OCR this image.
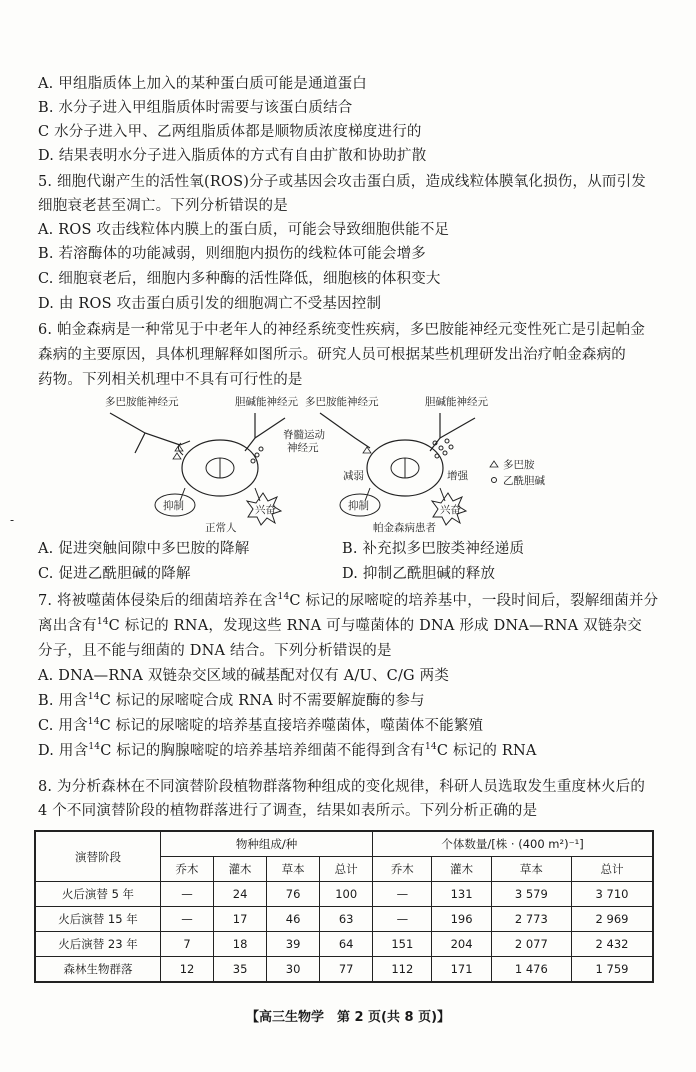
A. 甲组脂质体上加入的某种蛋白质可能是通道蛋白
B. 水分子进入甲组脂质体时需要与该蛋白质结合
C 水分子进入甲、乙两组脂质体都是顺物质浓度梯度进行的
D. 结果表明水分子进入脂质体的方式有自由扩散和协助扩散
5. 细胞代谢产生的活性氧(ROS)分子或基因会攻击蛋白质，造成线粒体膜氧化损伤，从而引发
细胞衰老甚至凋亡。下列分析错误的是
A. ROS 攻击线粒体内膜上的蛋白质，可能会导致细胞供能不足
B. 若溶酶体的功能减弱，则细胞内损伤的线粒体可能会增多
C. 细胞衰老后，细胞内多种酶的活性降低，细胞核的体积变大
D. 由 ROS 攻击蛋白质引发的细胞凋亡不受基因控制
6. 帕金森病是一种常见于中老年人的神经系统变性疾病，多巴胺能神经元变性死亡是引起帕金
森病的主要原因，具体机理解释如图所示。研究人员可根据某些机理研发出治疗帕金森病的
药物。下列相关机理中不具有可行性的是
多巴胺能神经元	胆碱能神经元
抑制	兴奋
正常人
脊髓运动
神经元
多巴胺能神经元	胆碱能神经元
减弱	增强
抑制	兴奋
帕金森病患者
多巴胺
乙酰胆碱
-
A. 促进突触间隙中多巴胺的降解	B. 补充拟多巴胺类神经递质
C. 促进乙酰胆碱的降解	D. 抑制乙酰胆碱的释放
7. 将被噬菌体侵染后的细菌培养在含$^{14}$C 标记的尿嘧啶的培养基中，一段时间后，裂解细菌并分
离出含有$^{14}$C 标记的 RNA，发现这些 RNA 可与噬菌体的 DNA 形成 DNA—RNA 双链杂交
分子，且不能与细菌的 DNA 结合。下列分析错误的是
A. DNA—RNA 双链杂交区域的碱基配对仅有 A/U、C/G 两类
B. 用含$^{14}$C 标记的尿嘧啶合成 RNA 时不需要解旋酶的参与
C. 用含$^{14}$C 标记的尿嘧啶的培养基直接培养噬菌体，噬菌体不能繁殖
D. 用含$^{14}$C 标记的胸腺嘧啶的培养基培养细菌不能得到含有$^{14}$C 标记的 RNA
8. 为分析森林在不同演替阶段植物群落物种组成的变化规律，科研人员选取发生重度林火后的
4 个不同演替阶段的植物群落进行了调查，结果如表所示。下列分析正确的是
演替阶段	物种组成/种				个体数量/[株 · (400 m²)⁻¹]			
	乔木	灌木	草本	总计	乔木	灌木	草本	总计
火后演替 5 年	—	24	76	100	—	131	3 579	3 710
火后演替 15 年	—	17	46	63	—	196	2 773	2 969
火后演替 23 年	7	18	39	64	151	204	2 077	2 432
森林生物群落	12	35	30	77	112	171	1 476	1 759
【高三生物学　第 2 页(共 8 页)】
